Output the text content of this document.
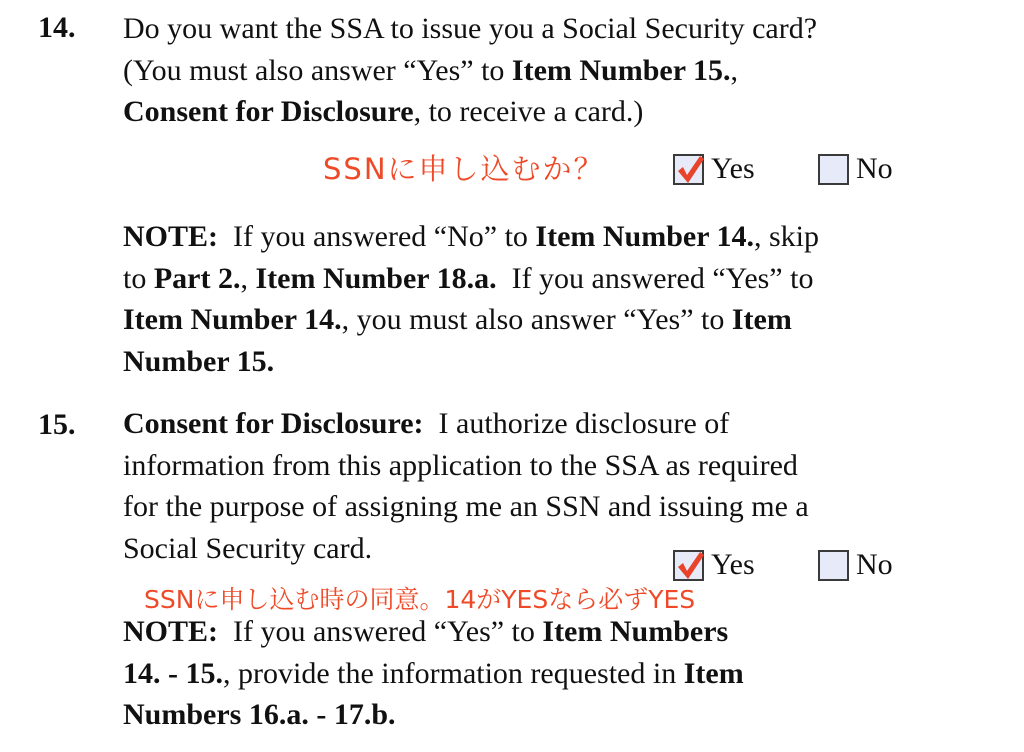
14. Do you want the SSA to issue you a Social Security card?
(You must also answer “Yes” to Item Number 15.,
Consent for Disclosure, to receive a card.)
SSNに申し込むか？	Yes	No
NOTE:  If you answered “No” to Item Number 14., skip
to Part 2., Item Number 18.a.  If you answered “Yes” to
Item Number 14., you must also answer “Yes” to Item
Number 15.
15. Consent for Disclosure:  I authorize disclosure of
information from this application to the SSA as required
for the purpose of assigning me an SSN and issuing me a
Social Security card.	Yes	No
SSNに申し込む時の同意。14がYESなら必ずYES
NOTE:  If you answered “Yes” to Item Numbers
14. - 15., provide the information requested in Item
Numbers 16.a. - 17.b.
